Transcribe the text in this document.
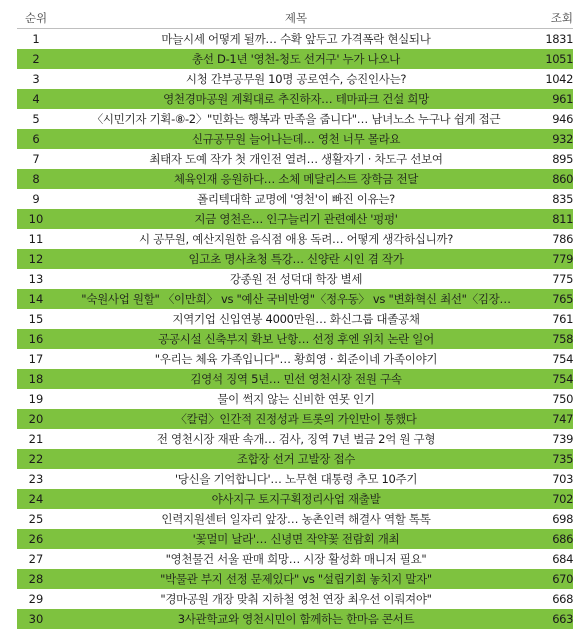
순위	제목	조회
1	마늘시세 어떻게 될까… 수확 앞두고 가격폭락 현실되나	1831
2	총선 D-1년 '영천-청도 선거구' 누가 나오나	1051
3	시청 간부공무원 10명 공로연수, 승진인사는?	1042
4	영천경마공원 계획대로 추진하자… 테마파크 건설 희망	961
5	〈시민기자 기획-⑧-2〉"민화는 행복과 만족을 줍니다"… 남녀노소 누구나 쉽게 접근	946
6	신규공무원 늘어나는데… 영천 너무 몰라요	932
7	최태자 도예 작가 첫 개인전 열려… 생활자기 · 차도구 선보여	895
8	체육인재 응원하다… 소체 메달리스트 장학금 전달	860
9	폴리텍대학 교명에 '영천'이 빠진 이유는?	835
10	지금 영천은… 인구늘리기 관련예산 '펑펑'	811
11	시 공무원, 예산지원한 음식점 애용 독려… 어떻게 생각하십니까?	786
12	임고초 명사초청 특강… 신양란 시인 겸 작가	779
13	강종원 전 성덕대 학장 별세	775
14	"숙원사업 원할" 〈이만희〉 vs "예산 국비반영"〈정우동〉 vs "변화혁신 최선"〈김장…	765
15	지역기업 신입연봉 4000만원… 화신그룹 대졸공채	761
16	공공시설 신축부지 확보 난항… 선정 후엔 위치 논란 일어	758
17	"우리는 체육 가족입니다"… 황희영 · 회준이네 가족이야기	754
18	김영석 징역 5년… 민선 영천시장 전원 구속	754
19	물이 썩지 않는 신비한 연못 인기	750
20	〈칼럼〉인간적 진정성과 트롯의 가인만이 통했다	747
21	전 영천시장 재판 속개… 검사, 징역 7년 벌금 2억 원 구형	739
22	조합장 선거 고발장 접수	735
23	'당신을 기억합니다'… 노무현 대통령 추모 10주기	703
24	야사지구 토지구획정리사업 재출발	702
25	인력지원센터 일자리 앞장… 농촌인력 해결사 역할 톡톡	698
26	'꽃멀미 날라'… 신녕면 작약꽃 전람회 개최	686
27	"영천물건 서울 판매 희망… 시장 활성화 매니저 필요"	684
28	"박물관 부지 선정 문제있다" vs "설립기회 놓치지 말자"	670
29	"경마공원 개장 맞춰 지하철 영천 연장 최우선 이뤄져야"	668
30	3사관학교와 영천시민이 함께하는 한마음 콘서트	663
